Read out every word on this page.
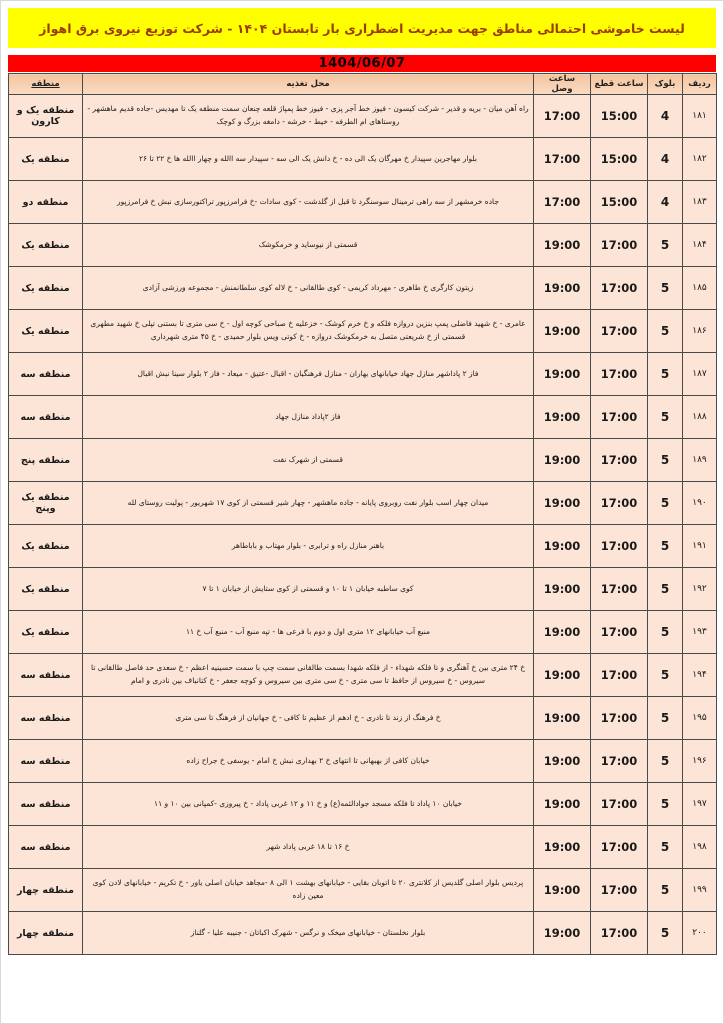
لیست خاموشی احتمالی مناطق جهت مدیریت اضطراری بار تابستان ۱۴۰۴ - شرکت توزیع نیروی برق اهواز
1404/06/07
ردیف	بلوک	ساعت قطع	ساعت وصل	محل تغذیه	منطقه
۱۸۱	4	15:00	17:00	راه آهن میان - بریه و قدیر - شرکت کیسون - فیوز خط آجر پزی - فیوز خط پمپاژ قلعه چنعان سمت منطقه یک تا مهدیس -جاده قدیم ماهشهر - روستاهای ام الطرفه - خیط - خرشه - دامغه بزرگ و کوچک	منطقه یک و کارون
۱۸۲	4	15:00	17:00	بلوار مهاجرین سپیدار خ مهرگان یک الی ده - خ دانش یک الی سه - سپیدار سه االله و چهار االله ها خ ۲۲ تا ۲۶	منطقه یک
۱۸۳	4	15:00	17:00	جاده خرمشهر از سه راهی ترمینال سوسنگرد تا قبل از گلدشت - کوی سادات -خ فرامرزپور تراکتورسازی نبش خ فرامرزپور	منطقه دو
۱۸۴	5	17:00	19:00	قسمتی از نیوساید و خرمکوشک	منطقه یک
۱۸۵	5	17:00	19:00	زیتون کارگری خ طاهری - مهرداد کریمی - کوی طالقانی - خ لاله کوی سلطانمنش - مجموعه ورزشی آزادی	منطقه یک
۱۸۶	5	17:00	19:00	عامری - خ شهید فاضلی پمپ بنزین دروازه فلکه و خ خرم کوشک - خزعلیه خ صباحی کوچه اول - خ سی متری تا بستنی تپلی خ شهید مطهری قسمتی از خ شریعتی متصل به خرمکوشک دروازه - خ کوتی ویس بلوار حمیدی - خ ۴۵ متری شهرداری	منطقه یک
۱۸۷	5	17:00	19:00	فاز ۲ پاداشهر منازل جهاد خیابانهای بهاران - منازل فرهنگیان - اقبال -عتیق - میعاد - فاز ۲ بلوار سینا نبش اقبال	منطقه سه
۱۸۸	5	17:00	19:00	فاز ۲پاداد منازل جهاد	منطقه سه
۱۸۹	5	17:00	19:00	قسمتی از شهرک نفت	منطقه پنج
۱۹۰	5	17:00	19:00	میدان چهار اسب بلوار نفت روبروی پایانه - جاده ماهشهر - چهار شیر قسمتی از کوی ۱۷ شهریور - پولیت روستای لله	منطقه یک وپنج
۱۹۱	5	17:00	19:00	باهنر منازل راه و ترابری - بلوار مهتاب و باباطاهر	منطقه یک
۱۹۲	5	17:00	19:00	کوی ساطبه خیابان ۱ تا ۱۰ و قسمتی از کوی ستایش از خیابان ۱ تا ۷	منطقه یک
۱۹۳	5	17:00	19:00	منبع آب خیابانهای ۱۲ متری اول و دوم با فرعی ها - تپه منبع آب - منبع آب خ ۱۱	منطقه یک
۱۹۴	5	17:00	19:00	خ ۲۴ متری بین خ آهنگری و تا فلکه شهداء - از فلکه شهدا بسمت طالقانی سمت چپ با سمت حسینیه اعظم - خ سعدی حد فاصل طالقانی تا سیروس - خ سیروس از حافظ تا سی متری - خ سی متری بین سیروس و کوچه جعفر - خ کتانباف بین نادری و امام	منطقه سه
۱۹۵	5	17:00	19:00	خ فرهنگ از زند تا نادری - خ ادهم از عظیم تا کافی - خ جهانیان از فرهنگ تا سی متری	منطقه سه
۱۹۶	5	17:00	19:00	خیابان کافی از بهبهانی تا انتهای خ ۲ بهداری نبش خ امام - یوسفی خ جراح زاده	منطقه سه
۱۹۷	5	17:00	19:00	خیابان ۱۰ پاداد تا فلکه مسجد جوادالئمه(ع) و خ ۱۱ و ۱۲ غربی پاداد - خ پیروزی -کمپانی بین ۱۰ و ۱۱	منطقه سه
۱۹۸	5	17:00	19:00	خ ۱۶ تا ۱۸ غربی پاداد شهر	منطقه سه
۱۹۹	5	17:00	19:00	پردیس بلوار اصلی گلدیس از کلانتری ۲۰ تا اتوبان بقایی - خیابانهای بهشت ۱ الی ۸ -مجاهد خیابان اصلی یاور - خ تکریم - خیابانهای لادن کوی معین زاده	منطقه چهار
۲۰۰	5	17:00	19:00	بلوار نخلستان - خیابانهای میخک و نرگس - شهرک اکباتان - جنیبه علیا - گلناز	منطقه چهار
